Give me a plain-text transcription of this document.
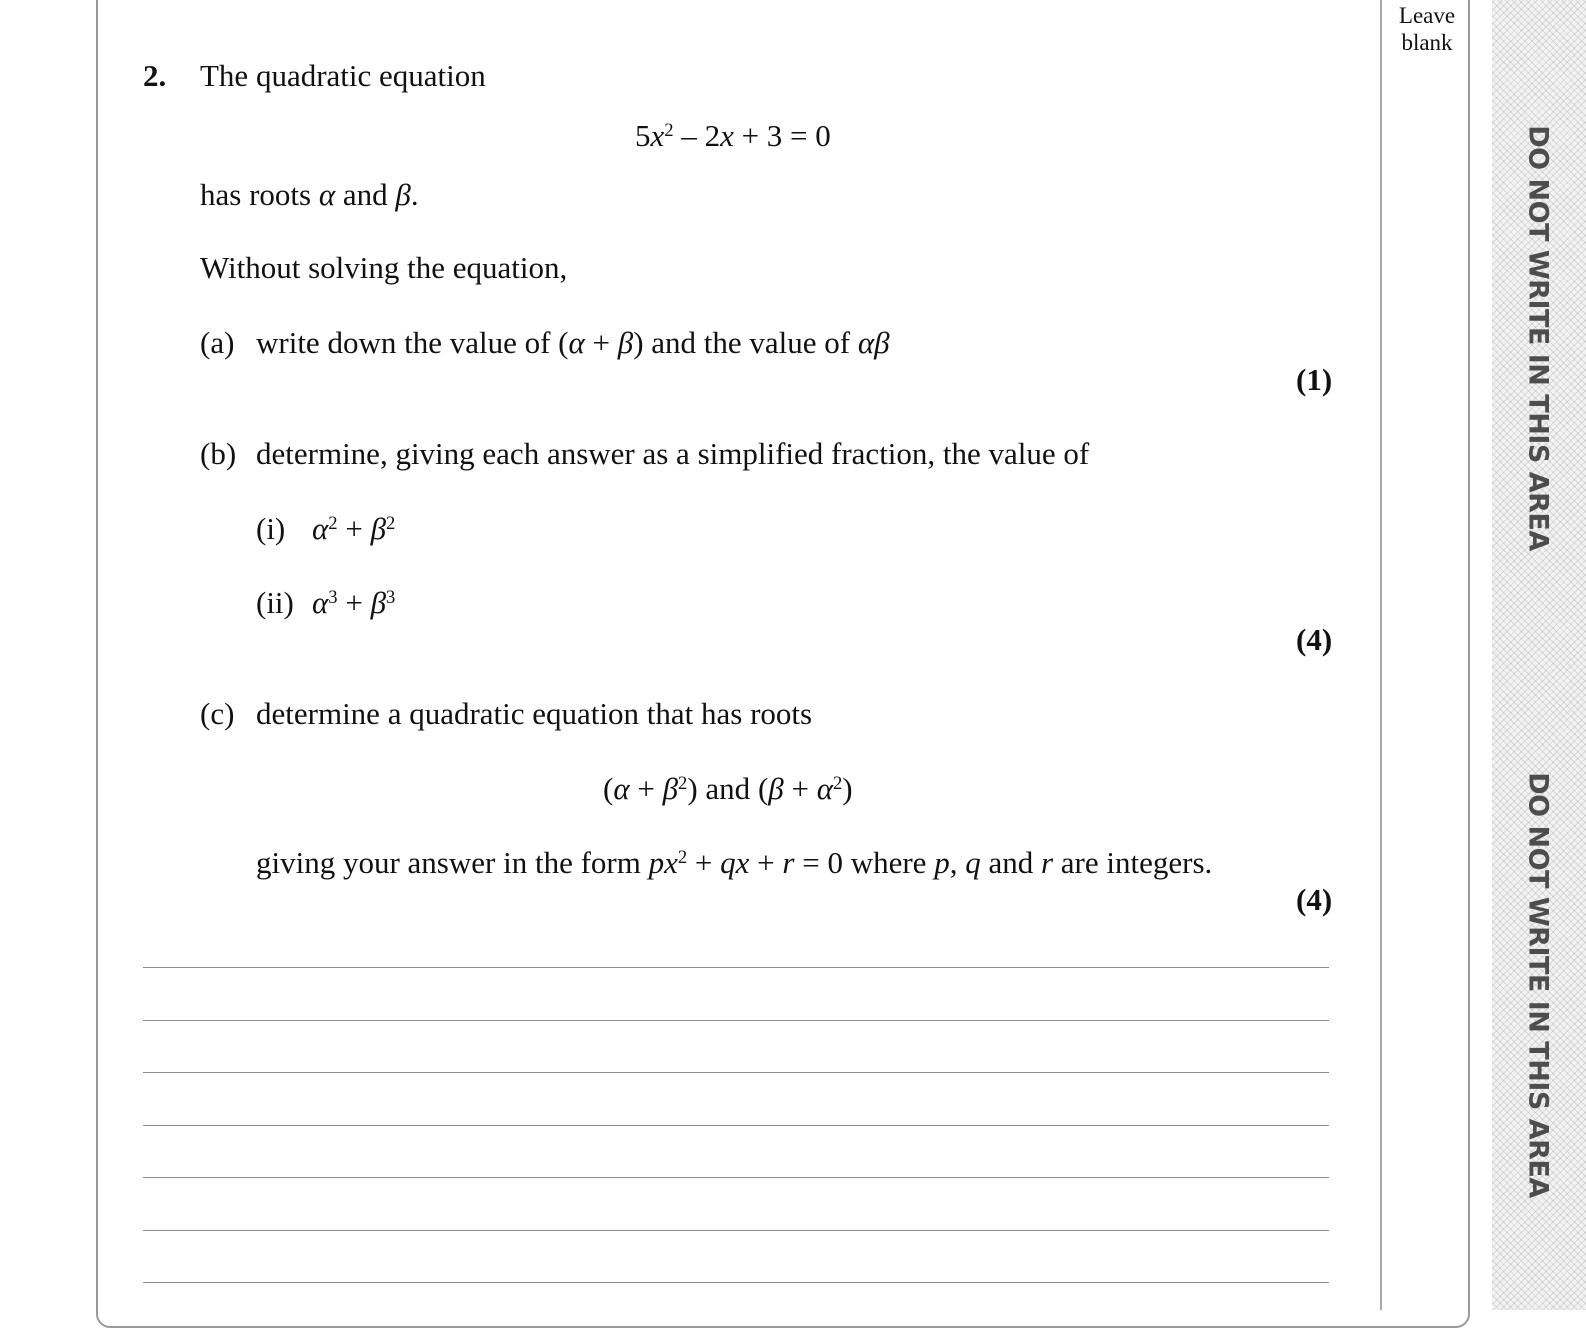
Leave
blank
DO NOT WRITE IN THIS AREA
DO NOT WRITE IN THIS AREA
2. The quadratic equation
$5x^2 - 2x + 3 = 0$
has roots α and β.
Without solving the equation,
(a) write down the value of (α + β) and the value of αβ
(1)
(b) determine, giving each answer as a simplified fraction, the value of
(i) $\alpha^2 + \beta^2$
(ii) $\alpha^3 + \beta^3$
(4)
(c) determine a quadratic equation that has roots
$(\alpha + \beta^2)$ and $(\beta + \alpha^2)$
giving your answer in the form $px^2$ + qx + r = 0 where p, q and r are integers.
(4)
